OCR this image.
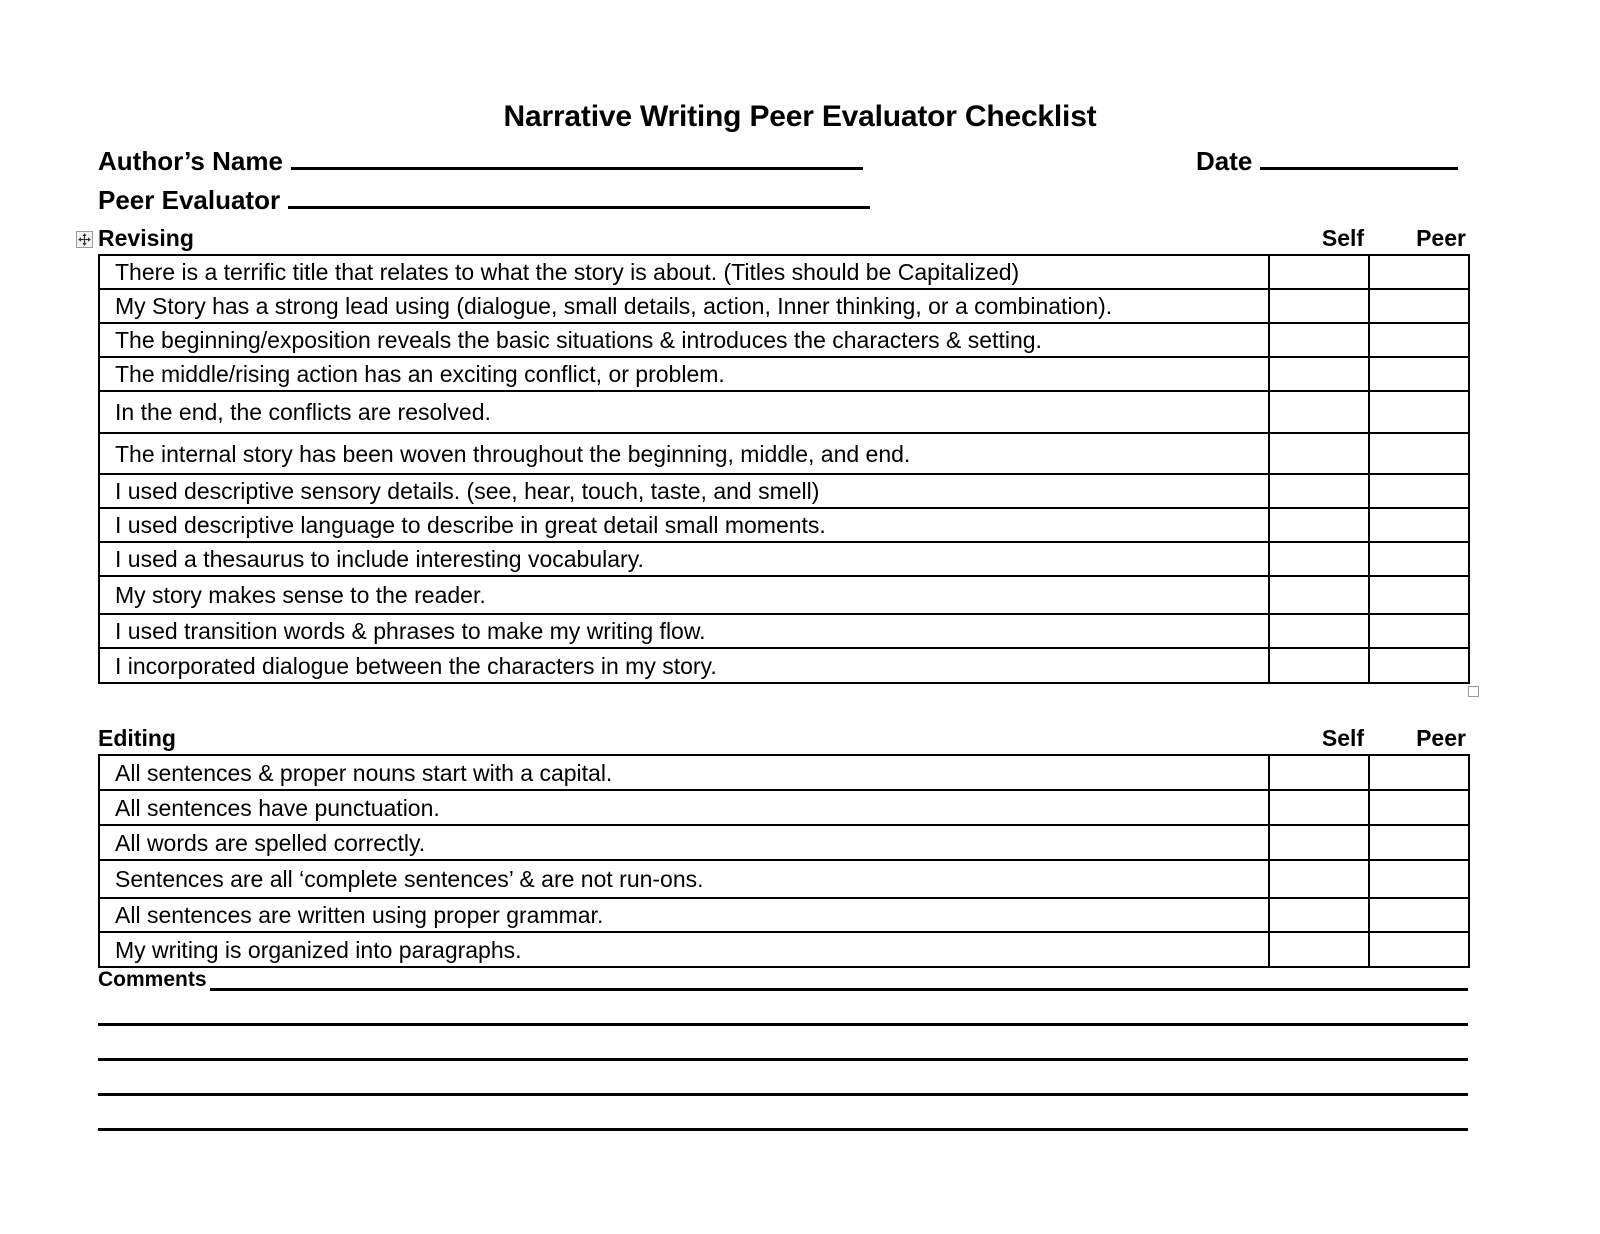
Narrative Writing Peer Evaluator Checklist
Author’s Name	Date
Peer Evaluator
Revising	Self	Peer
There is a terrific title that relates to what the story is about. (Titles should be Capitalized)		

My Story has a strong lead using (dialogue, small details, action, Inner thinking, or a combination).		

The beginning/exposition reveals the basic situations & introduces the characters & setting.		

The middle/rising action has an exciting conflict, or problem.		

In the end, the conflicts are resolved.		

The internal story has been woven throughout the beginning, middle, and end.		

I used descriptive sensory details. (see, hear, touch, taste, and smell)		

I used descriptive language to describe in great detail small moments.		

I used a thesaurus to include interesting vocabulary.		

My story makes sense to the reader.		

I used transition words & phrases to make my writing flow.		

I incorporated dialogue between the characters in my story.		

Editing	Self	Peer
All sentences & proper nouns start with a capital.		

All sentences have punctuation.		

All words are spelled correctly.		

Sentences are all ‘complete sentences’ & are not run-ons.		

All sentences are written using proper grammar.		

My writing is organized into paragraphs.		

Comments
